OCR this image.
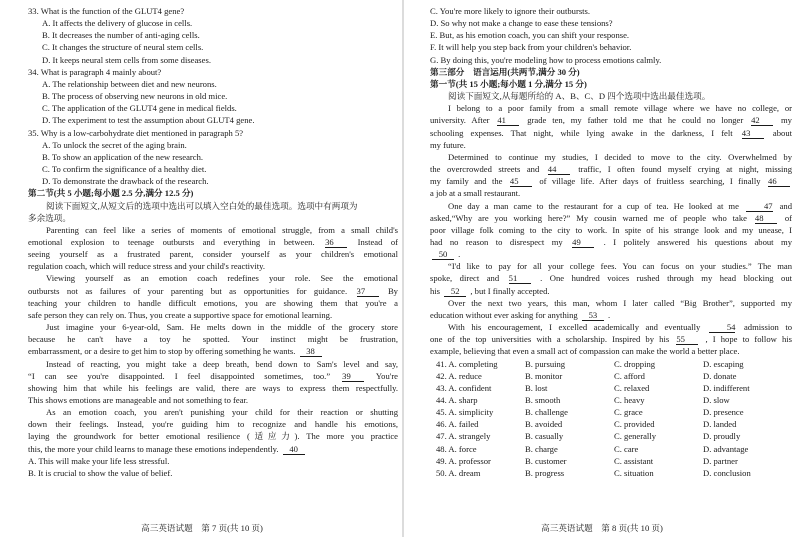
33. What is the function of the GLUT4 gene?
A. It affects the delivery of glucose in cells.
B. It decreases the number of anti-aging cells.
C. It changes the structure of neural stem cells.
D. It keeps neural stem cells from some diseases.
34. What is paragraph 4 mainly about?
A. The relationship between diet and new neurons.
B. The process of observing new neurons in old mice.
C. The application of the GLUT4 gene in medical fields.
D. The experiment to test the assumption about GLUT4 gene.
35. Why is a low-carbohydrate diet mentioned in paragraph 5?
A. To unlock the secret of the aging brain.
B. To show an application of the new research.
C. To confirm the significance of a healthy diet.
D. To demonstrate the drawback of the research.
第二节(共 5 小题;每小题 2.5 分,满分 12.5 分)
阅读下面短文,从短文后的选项中选出可以填入空白处的最佳选项。选项中有两项为
多余选项。
Parenting can feel like a series of moments of emotional struggle, from a small child's
emotional explosion to teenage outbursts and everything in between. 36	Instead of
seeing yourself as a frustrated parent, consider yourself as your children's emotional
regulation coach, which will reduce stress and your child's reactivity.
Viewing yourself as an emotion coach redefines your role. See the emotional
outbursts not as failures of your parenting but as opportunities for guidance. 37	By
teaching your children to handle difficult emotions, you are showing them that you're a
safe person they can rely on. Thus, you create a supportive space for emotional learning.
Just imagine your 6-year-old, Sam. He melts down in the middle of the grocery store
because he can't have a toy he spotted. Your instinct might be frustration,
embarrassment, or a desire to get him to stop by offering something he wants. 38
Instead of reacting, you might take a deep breath, bend down to Sam's level and say,
“I can see you're disappointed. I feel disappointed sometimes, too.” 39	You're
showing him that while his feelings are valid, there are ways to express them respectfully.
This shows emotions are manageable and not something to fear.
As an emotion coach, you aren't punishing your child for their reaction or shutting
down their feelings. Instead, you're guiding him to recognize and handle his emotions,
laying the groundwork for better emotional resilience (适应力). The more you practice
this, the more your child learns to manage these emotions independently. 40
A. This will make your life less stressful.
B. It is crucial to show the value of belief.
高三英语试题　第 7 页(共 10 页)
C. You're more likely to ignore their outbursts.
D. So why not make a change to ease these tensions?
E. But, as his emotion coach, you can shift your response.
F. It will help you step back from your children's behavior.
G. By doing this, you're modeling how to process emotions calmly.
第三部分　语言运用(共两节,满分 30 分)
第一节(共 15 小题;每小题 1 分,满分 15 分)
阅读下面短文,从每题所给的 A、B、C、D 四个选项中选出最佳选项。
I belong to a poor family from a small remote village where we have no college, or
university. After 41 grade ten, my father told me that he could no longer 42 my
schooling expenses. That night, while lying awake in the darkness, I felt 43	about
my future.
Determined to continue my studies, I decided to move to the city. Overwhelmed by
the overcrowded streets and 44	traffic, I often found myself crying at night, missing
my family and the 45 of village life. After days of fruitless searching, I finally 46
a job at a small restaurant.
One day a man came to the restaurant for a cup of tea. He looked at me	47 and
asked,“Why are you working here?” My cousin warned me of people who take 48 of
poor village folk coming to the city to work. In spite of his strange look and my unease, I
had no reason to disrespect my 49	. I politely answered his questions about my
50 .
“I'd like to pay for all your college fees. You can focus on your studies.” The man
spoke, direct and 51	. One hundred voices rushed through my head blocking out
his 52 , but I finally accepted.
Over the next two years, this man, whom I later called “Big Brother”, supported my
education without ever asking for anything 53 .
With his encouragement, I excelled academically and eventually	54 admission to
one of the top universities with a scholarship. Inspired by his 55 , I hope to follow his
example, believing that even a small act of compassion can make the world a better place.
41. A. completing	B. pursuing	C. dropping	D. escaping
42. A. reduce	B. monitor	C. afford	D. donate
43. A. confident	B. lost	C. relaxed	D. indifferent
44. A. sharp	B. smooth	C. heavy	D. slow
45. A. simplicity	B. challenge	C. grace	D. presence
46. A. failed	B. avoided	C. provided	D. landed
47. A. strangely	B. casually	C. generally	D. proudly
48. A. force	B. charge	C. care	D. advantage
49. A. professor	B. customer	C. assistant	D. partner
50. A. dream	B. progress	C. situation	D. conclusion
高三英语试题　第 8 页(共 10 页)
